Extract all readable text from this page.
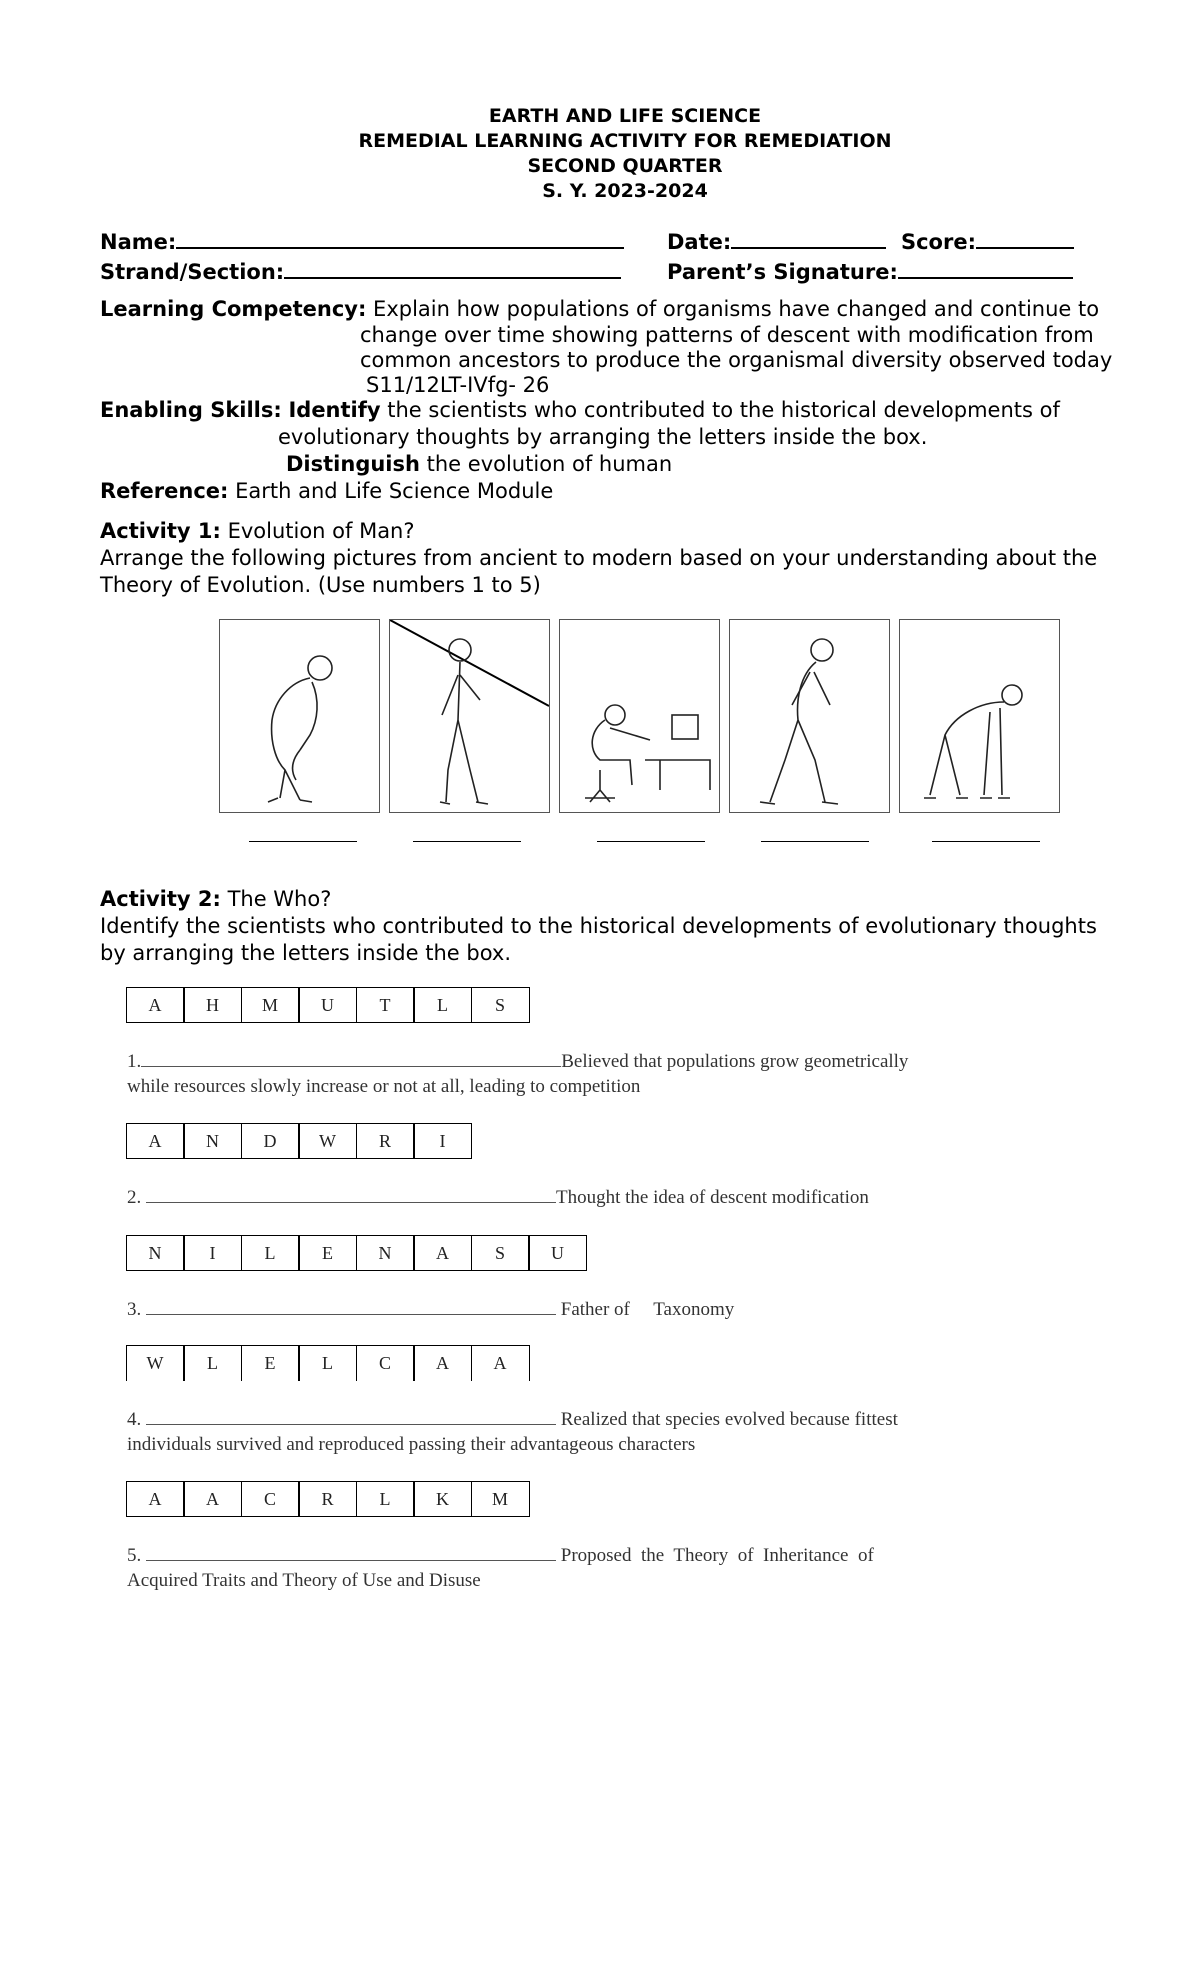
EARTH AND LIFE SCIENCE
REMEDIAL LEARNING ACTIVITY FOR REMEDIATION
SECOND QUARTER
S. Y. 2023-2024
Name:	Date:	Score:
Strand/Section:	Parent’s Signature:
Learning Competency: Explain how populations of organisms have changed and continue to
change over time showing patterns of descent with modification from
common ancestors to produce the organismal diversity observed today
S11/12LT-IVfg- 26
Enabling Skills: Identify the scientists who contributed to the historical developments of
evolutionary thoughts by arranging the letters inside the box.
Distinguish the evolution of human
Reference: Earth and Life Science Module
Activity 1: Evolution of Man?
Arrange the following pictures from ancient to modern based on your understanding about the
Theory of Evolution. (Use numbers 1 to 5)
Activity 2: The Who?
Identify the scientists who contributed to the historical developments of evolutionary thoughts
by arranging the letters inside the box.
A	H	M	U	T	L	S
1.	Believed that populations grow geometrically
while resources slowly increase or not at all, leading to competition
A	N	D	W	R	I
2.	Thought the idea of descent modification
N	I	L	E	N	A	S	U
3.	Father of     Taxonomy
W	L	E	L	C	A	A
4.	Realized that species evolved because fittest
individuals survived and reproduced passing their advantageous characters
A	A	C	R	L	K	M
5.	Proposed  the  Theory  of  Inheritance  of
Acquired Traits and Theory of Use and Disuse
